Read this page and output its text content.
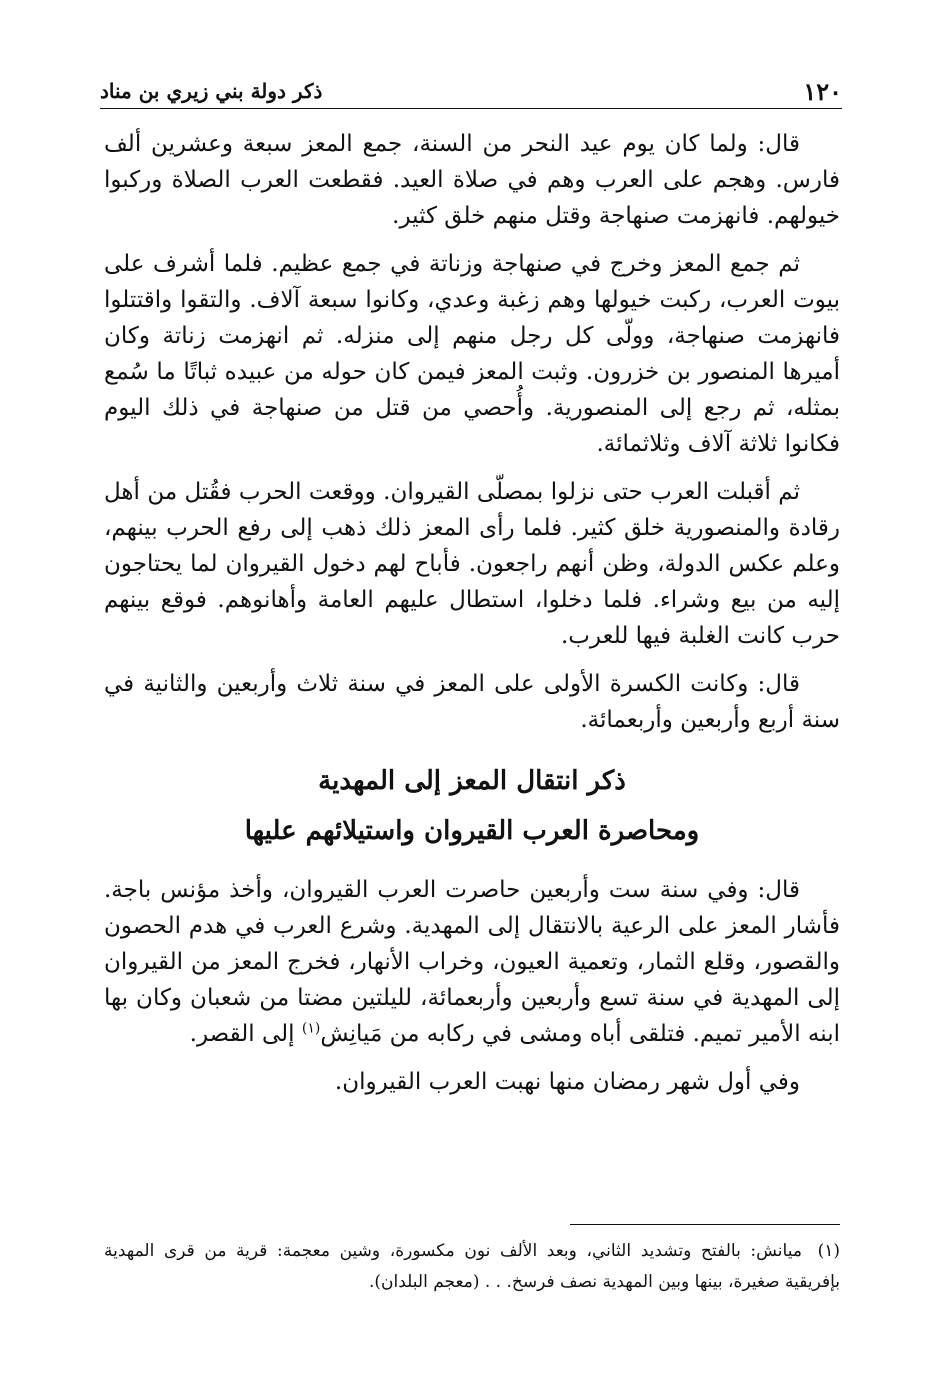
١٢٠
ذكر دولة بني زيري بن مناد

قال: ولما كان يوم عيد النحر من السنة، جمع المعز سبعة وعشرين ألف فارس. وهجم على العرب وهم في صلاة العيد. فقطعت العرب الصلاة وركبوا خيولهم. فانهزمت صنهاجة وقتل منهم خلق كثير.

ثم جمع المعز وخرج في صنهاجة وزناتة في جمع عظيم. فلما أشرف على بيوت العرب، ركبت خيولها وهم زغبة وعدي، وكانوا سبعة آلاف. والتقوا واقتتلوا فانهزمت صنهاجة، وولّى كل رجل منهم إلى منزله. ثم انهزمت زناتة وكان أميرها المنصور بن خزرون. وثبت المعز فيمن كان حوله من عبيده ثباتًا ما سُمع بمثله، ثم رجع إلى المنصورية. وأُحصي من قتل من صنهاجة في ذلك اليوم فكانوا ثلاثة آلاف وثلاثمائة.

ثم أقبلت العرب حتى نزلوا بمصلّى القيروان. ووقعت الحرب فقُتل من أهل رقادة والمنصورية خلق كثير. فلما رأى المعز ذلك ذهب إلى رفع الحرب بينهم، وعلم عكس الدولة، وظن أنهم راجعون. فأباح لهم دخول القيروان لما يحتاجون إليه من بيع وشراء. فلما دخلوا، استطال عليهم العامة وأهانوهم. فوقع بينهم حرب كانت الغلبة فيها للعرب.

قال: وكانت الكسرة الأولى على المعز في سنة ثلاث وأربعين والثانية في سنة أربع وأربعين وأربعمائة.

ذكر انتقال المعز إلى المهدية
ومحاصرة العرب القيروان واستيلائهم عليها

قال: وفي سنة ست وأربعين حاصرت العرب القيروان، وأخذ مؤنس باجة. فأشار المعز على الرعية بالانتقال إلى المهدية. وشرع العرب في هدم الحصون والقصور، وقلع الثمار، وتعمية العيون، وخراب الأنهار، فخرج المعز من القيروان إلى المهدية في سنة تسع وأربعين وأربعمائة، لليلتين مضتا من شعبان وكان بها ابنه الأمير تميم. فتلقى أباه ومشى في ركابه من مَيانِش$^{(١)}$ إلى القصر.

وفي أول شهر رمضان منها نهبت العرب القيروان.

(١) ميانش: بالفتح وتشديد الثاني، وبعد الألف نون مكسورة، وشين معجمة: قرية من قرى المهدية بإفريقية صغيرة، بينها وبين المهدية نصف فرسخ. . . (معجم البلدان).
